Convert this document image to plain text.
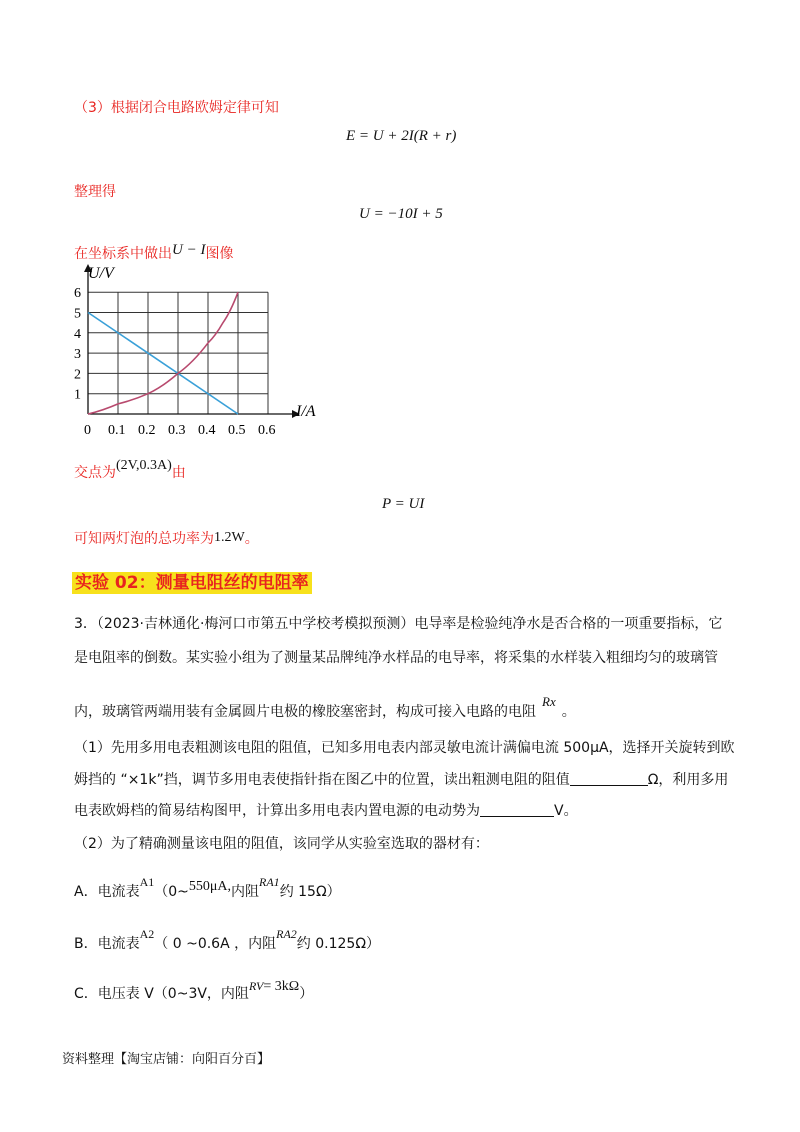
（3）根据闭合电路欧姆定律可知
E = U + 2I(R + r)
整理得
U = −10I + 5
在坐标系中做出U − I图像
0 0.1 0.2 0.3 0.4 0.5 0.6
1
2
3
4
5
6
U/V
I/A
交点为(2V,0.3A)由
P = UI
可知两灯泡的总功率为1.2W。
实验 02：测量电阻丝的电阻率
3．（2023·吉林通化·梅河口市第五中学校考模拟预测）电导率是检验纯净水是否合格的一项重要指标，它
是电阻率的倒数。某实验小组为了测量某品牌纯净水样品的电导率，将采集的水样装入粗细均匀的玻璃管
内，玻璃管两端用装有金属圆片电极的橡胶塞密封，构成可接入电路的电阻Rx。
（1）先用多用电表粗测该电阻的阻值，已知多用电表内部灵敏电流计满偏电流 500μA，选择开关旋转到欧
姆挡的 “×1k”挡，调节多用电表使指针指在图乙中的位置，读出粗测电阻的阻值	Ω，利用多用
电表欧姆档的简易结构图甲，计算出多用电表内置电源的电动势为	V。
（2）为了精确测量该电阻的阻值，该同学从实验室选取的器材有：
A．电流表A1（0~550μA,内阻RA1约 15Ω）
B．电流表A2（ 0 ~0.6A ，内阻RA2约 0.125Ω）
C．电压表 V（0~3V，内阻RV= 3kΩ）
资料整理【淘宝店铺：向阳百分百】
